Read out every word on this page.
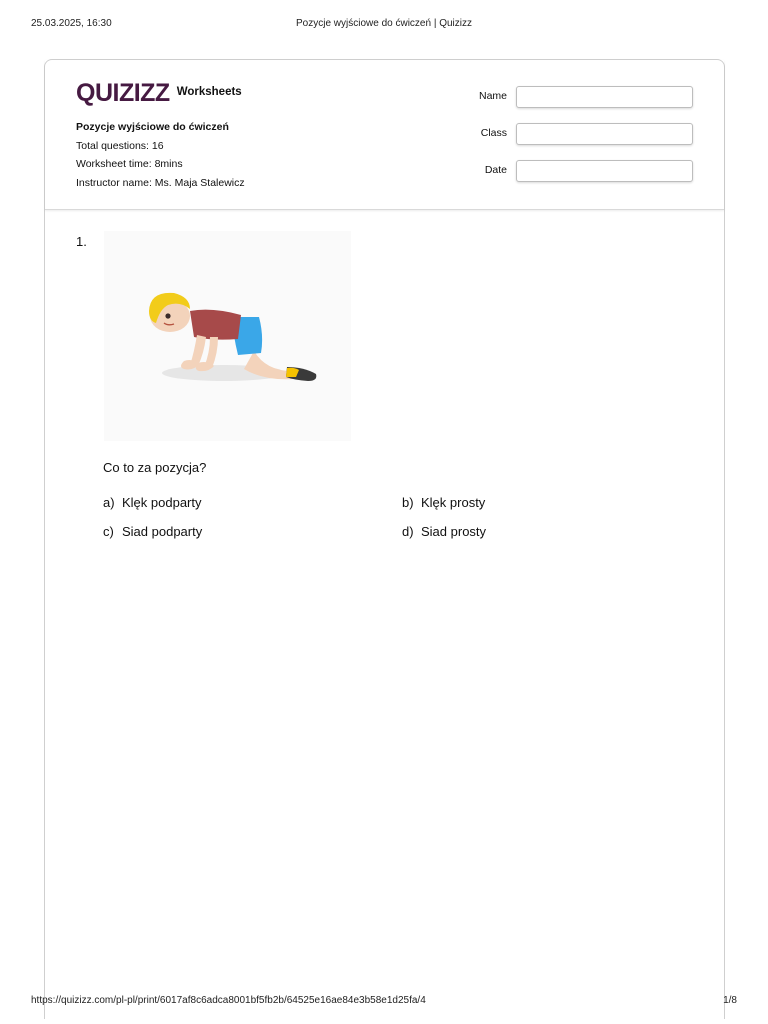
25.03.2025, 16:30	Pozycje wyjściowe do ćwiczeń | Quizizz
QUIZIZZ Worksheets
Pozycje wyjściowe do ćwiczeń
Total questions: 16
Worksheet time: 8mins
Instructor name: Ms. Maja Stalewicz
Name
Class
Date
1.
Co to za pozycja?
a) Klęk podparty	b) Klęk prosty
c) Siad podparty	d) Siad prosty
https://quizizz.com/pl-pl/print/6017af8c6adca8001bf5fb2b/64525e16ae84e3b58e1d25fa/4	1/8
